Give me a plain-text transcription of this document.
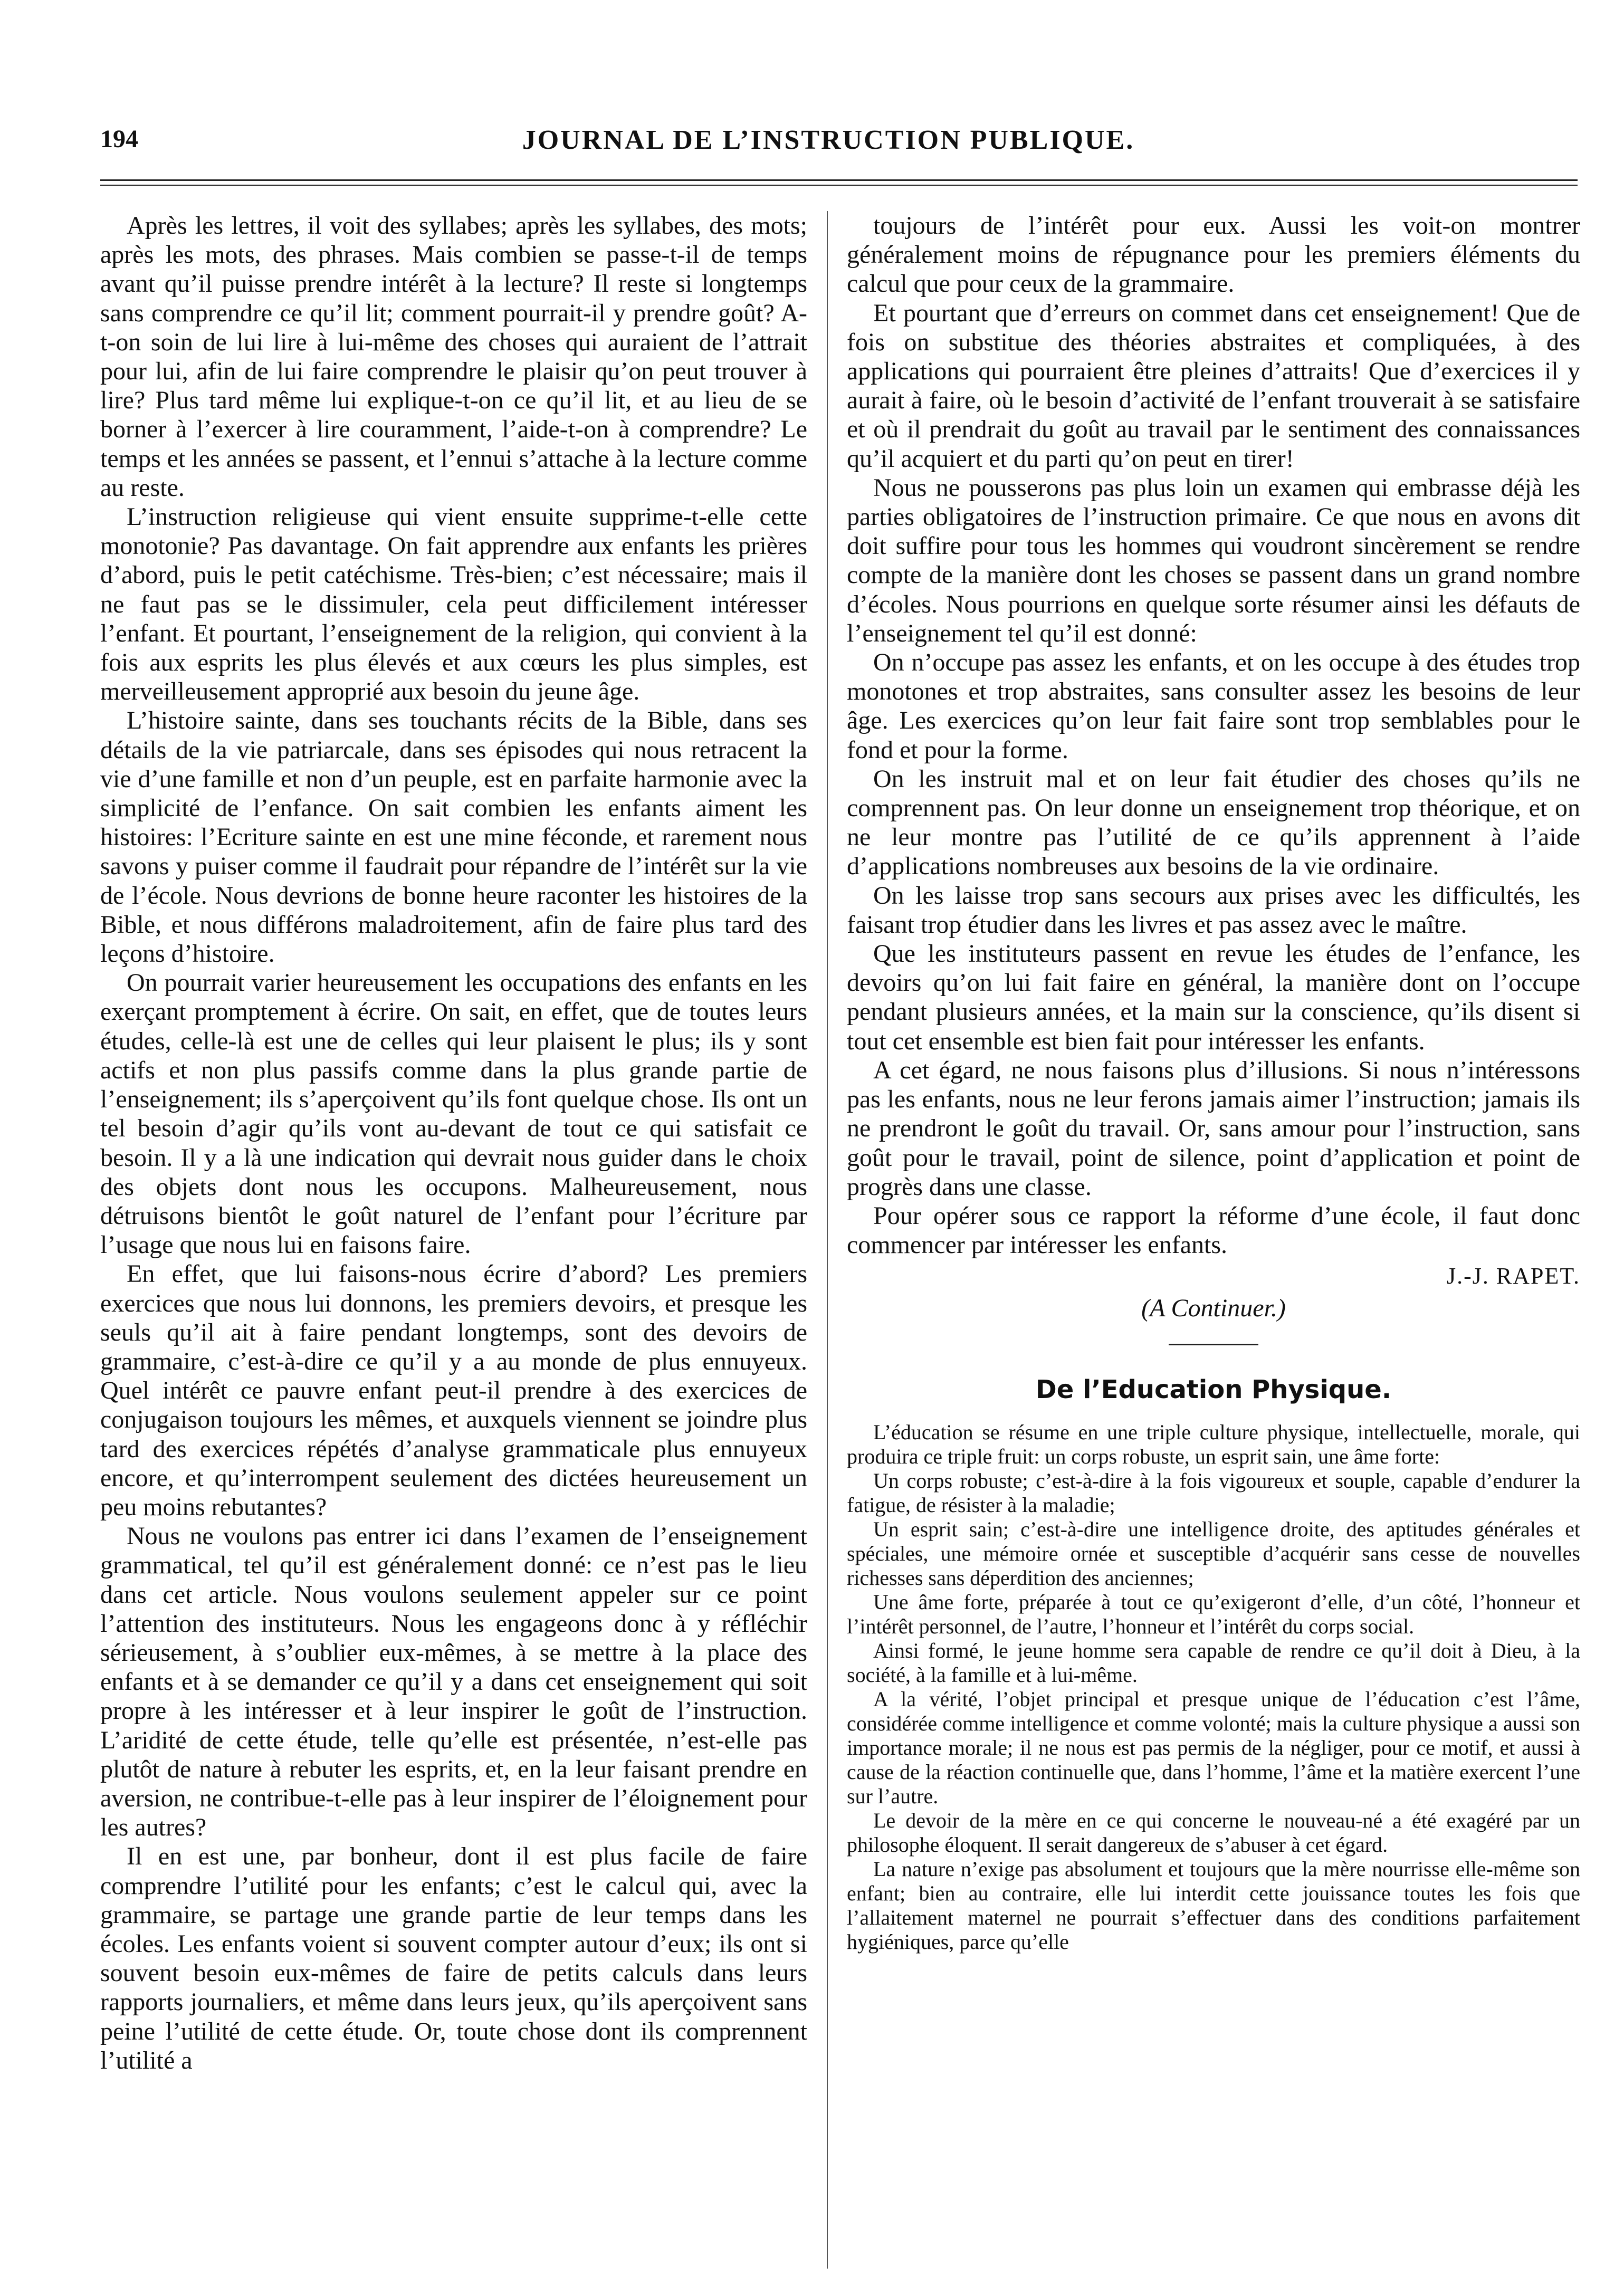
194	JOURNAL DE L’INSTRUCTION PUBLIQUE.

Après les lettres, il voit des syllabes; après les syllabes, des mots; après les mots, des phrases. Mais combien se passe-t-il de temps avant qu’il puisse prendre intérêt à la lecture? Il reste si longtemps sans comprendre ce qu’il lit; comment pourrait-il y prendre goût? A-t-on soin de lui lire à lui-même des choses qui auraient de l’attrait pour lui, afin de lui faire comprendre le plaisir qu’on peut trouver à lire? Plus tard même lui explique-t-on ce qu’il lit, et au lieu de se borner à l’exercer à lire couramment, l’aide-t-on à comprendre? Le temps et les années se passent, et l’ennui s’attache à la lecture comme au reste.

L’instruction religieuse qui vient ensuite supprime-t-elle cette monotonie? Pas davantage. On fait apprendre aux enfants les prières d’abord, puis le petit catéchisme. Très-bien; c’est nécessaire; mais il ne faut pas se le dissimuler, cela peut difficilement intéresser l’enfant. Et pourtant, l’enseignement de la religion, qui convient à la fois aux esprits les plus élevés et aux cœurs les plus simples, est merveilleusement approprié aux besoin du jeune âge.

L’histoire sainte, dans ses touchants récits de la Bible, dans ses détails de la vie patriarcale, dans ses épisodes qui nous retracent la vie d’une famille et non d’un peuple, est en parfaite harmonie avec la simplicité de l’enfance. On sait combien les enfants aiment les histoires: l’Ecriture sainte en est une mine féconde, et rarement nous savons y puiser comme il faudrait pour répandre de l’intérêt sur la vie de l’école. Nous devrions de bonne heure raconter les histoires de la Bible, et nous différons maladroitement, afin de faire plus tard des leçons d’histoire.

On pourrait varier heureusement les occupations des enfants en les exerçant promptement à écrire. On sait, en effet, que de toutes leurs études, celle-là est une de celles qui leur plaisent le plus; ils y sont actifs et non plus passifs comme dans la plus grande partie de l’enseignement; ils s’aperçoivent qu’ils font quelque chose. Ils ont un tel besoin d’agir qu’ils vont au-devant de tout ce qui satisfait ce besoin. Il y a là une indication qui devrait nous guider dans le choix des objets dont nous les occupons. Malheureusement, nous détruisons bientôt le goût naturel de l’enfant pour l’écriture par l’usage que nous lui en faisons faire.

En effet, que lui faisons-nous écrire d’abord? Les premiers exercices que nous lui donnons, les premiers devoirs, et presque les seuls qu’il ait à faire pendant longtemps, sont des devoirs de grammaire, c’est-à-dire ce qu’il y a au monde de plus ennuyeux. Quel intérêt ce pauvre enfant peut-il prendre à des exercices de conjugaison toujours les mêmes, et auxquels viennent se joindre plus tard des exercices répétés d’analyse grammaticale plus ennuyeux encore, et qu’interrompent seulement des dictées heureusement un peu moins rebutantes?

Nous ne voulons pas entrer ici dans l’examen de l’enseignement grammatical, tel qu’il est généralement donné: ce n’est pas le lieu dans cet article. Nous voulons seulement appeler sur ce point l’attention des instituteurs. Nous les engageons donc à y réfléchir sérieusement, à s’oublier eux-mêmes, à se mettre à la place des enfants et à se demander ce qu’il y a dans cet enseignement qui soit propre à les intéresser et à leur inspirer le goût de l’instruction. L’aridité de cette étude, telle qu’elle est présentée, n’est-elle pas plutôt de nature à rebuter les esprits, et, en la leur faisant prendre en aversion, ne contribue-t-elle pas à leur inspirer de l’éloignement pour les autres?

Il en est une, par bonheur, dont il est plus facile de faire comprendre l’utilité pour les enfants; c’est le calcul qui, avec la grammaire, se partage une grande partie de leur temps dans les écoles. Les enfants voient si souvent compter autour d’eux; ils ont si souvent besoin eux-mêmes de faire de petits calculs dans leurs rapports journaliers, et même dans leurs jeux, qu’ils aperçoivent sans peine l’utilité de cette étude. Or, toute chose dont ils comprennent l’utilité a

toujours de l’intérêt pour eux. Aussi les voit-on montrer généralement moins de répugnance pour les premiers éléments du calcul que pour ceux de la grammaire.

Et pourtant que d’erreurs on commet dans cet enseignement! Que de fois on substitue des théories abstraites et compliquées, à des applications qui pourraient être pleines d’attraits! Que d’exercices il y aurait à faire, où le besoin d’activité de l’enfant trouverait à se satisfaire et où il prendrait du goût au travail par le sentiment des connaissances qu’il acquiert et du parti qu’on peut en tirer!

Nous ne pousserons pas plus loin un examen qui embrasse déjà les parties obligatoires de l’instruction primaire. Ce que nous en avons dit doit suffire pour tous les hommes qui voudront sincèrement se rendre compte de la manière dont les choses se passent dans un grand nombre d’écoles. Nous pourrions en quelque sorte résumer ainsi les défauts de l’enseignement tel qu’il est donné:

On n’occupe pas assez les enfants, et on les occupe à des études trop monotones et trop abstraites, sans consulter assez les besoins de leur âge. Les exercices qu’on leur fait faire sont trop semblables pour le fond et pour la forme.

On les instruit mal et on leur fait étudier des choses qu’ils ne comprennent pas. On leur donne un enseignement trop théorique, et on ne leur montre pas l’utilité de ce qu’ils apprennent à l’aide d’applications nombreuses aux besoins de la vie ordinaire.

On les laisse trop sans secours aux prises avec les difficultés, les faisant trop étudier dans les livres et pas assez avec le maître.

Que les instituteurs passent en revue les études de l’enfance, les devoirs qu’on lui fait faire en général, la manière dont on l’occupe pendant plusieurs années, et la main sur la conscience, qu’ils disent si tout cet ensemble est bien fait pour intéresser les enfants.

A cet égard, ne nous faisons plus d’illusions. Si nous n’intéressons pas les enfants, nous ne leur ferons jamais aimer l’instruction; jamais ils ne prendront le goût du travail. Or, sans amour pour l’instruction, sans goût pour le travail, point de silence, point d’application et point de progrès dans une classe.

Pour opérer sous ce rapport la réforme d’une école, il faut donc commencer par intéresser les enfants.

J.-J. RAPET.
(A Continuer.)
De l’Education Physique.

L’éducation se résume en une triple culture physique, intellectuelle, morale, qui produira ce triple fruit: un corps robuste, un esprit sain, une âme forte:

Un corps robuste; c’est-à-dire à la fois vigoureux et souple, capable d’endurer la fatigue, de résister à la maladie;

Un esprit sain; c’est-à-dire une intelligence droite, des aptitudes générales et spéciales, une mémoire ornée et susceptible d’acquérir sans cesse de nouvelles richesses sans déperdition des anciennes;

Une âme forte, préparée à tout ce qu’exigeront d’elle, d’un côté, l’honneur et l’intérêt personnel, de l’autre, l’honneur et l’intérêt du corps social.

Ainsi formé, le jeune homme sera capable de rendre ce qu’il doit à Dieu, à la société, à la famille et à lui-même.

A la vérité, l’objet principal et presque unique de l’éducation c’est l’âme, considérée comme intelligence et comme volonté; mais la culture physique a aussi son importance morale; il ne nous est pas permis de la négliger, pour ce motif, et aussi à cause de la réaction continuelle que, dans l’homme, l’âme et la matière exercent l’une sur l’autre.

Le devoir de la mère en ce qui concerne le nouveau-né a été exagéré par un philosophe éloquent. Il serait dangereux de s’abuser à cet égard.

La nature n’exige pas absolument et toujours que la mère nourrisse elle-même son enfant; bien au contraire, elle lui interdit cette jouissance toutes les fois que l’allaitement maternel ne pourrait s’effectuer dans des conditions parfaitement hygiéniques, parce qu’elle
